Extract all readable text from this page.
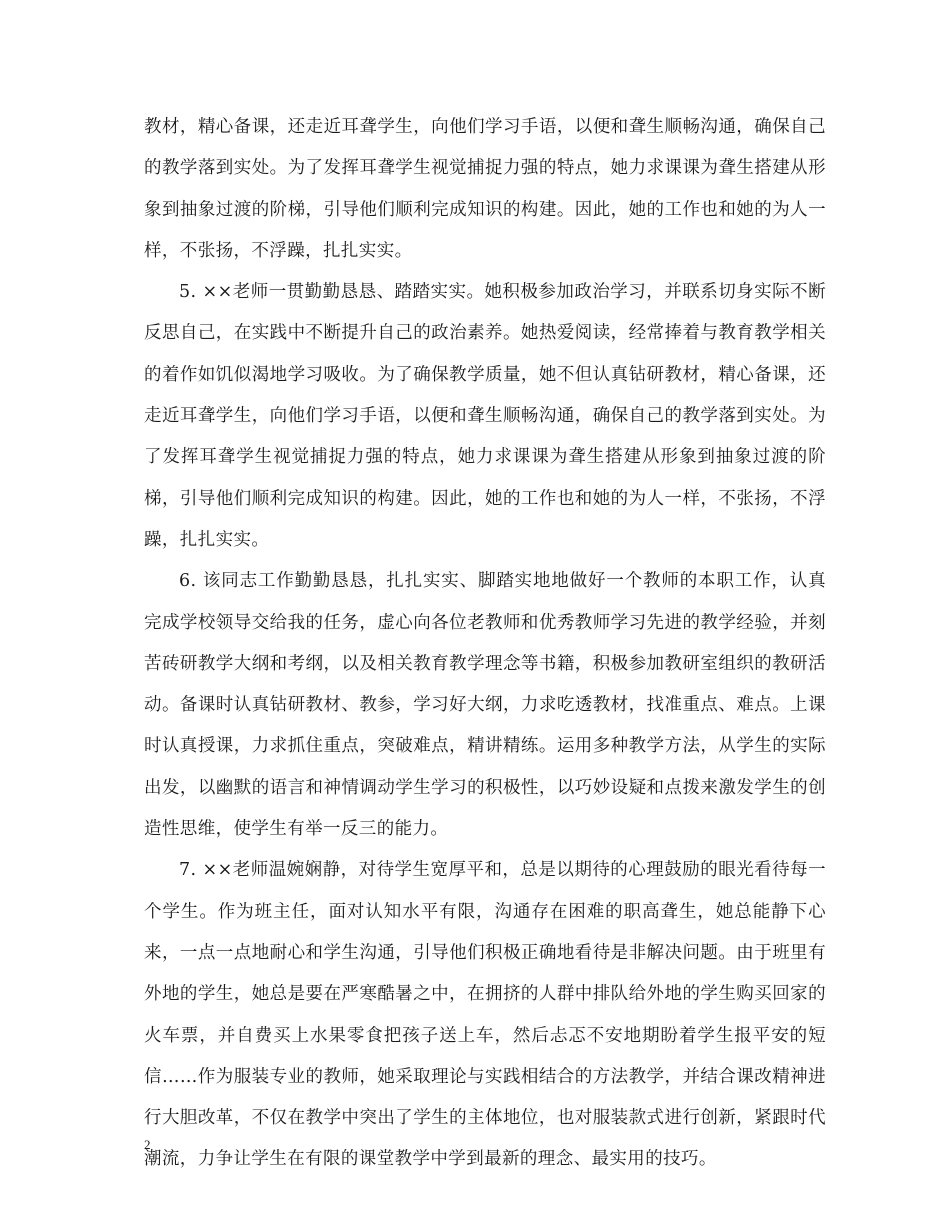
教材，精心备课，还走近耳聋学生，向他们学习手语，以便和聋生顺畅沟通，确保自己的教学落到实处。为了发挥耳聋学生视觉捕捉力强的特点，她力求课课为聋生搭建从形象到抽象过渡的阶梯，引导他们顺利完成知识的构建。因此，她的工作也和她的为人一样，不张扬，不浮躁，扎扎实实。

5. ××老师一贯勤勤恳恳、踏踏实实。她积极参加政治学习，并联系切身实际不断反思自己，在实践中不断提升自己的政治素养。她热爱阅读，经常捧着与教育教学相关的着作如饥似渴地学习吸收。为了确保教学质量，她不但认真钻研教材，精心备课，还走近耳聋学生，向他们学习手语，以便和聋生顺畅沟通，确保自己的教学落到实处。为了发挥耳聋学生视觉捕捉力强的特点，她力求课课为聋生搭建从形象到抽象过渡的阶梯，引导他们顺利完成知识的构建。因此，她的工作也和她的为人一样，不张扬，不浮躁，扎扎实实。

6. 该同志工作勤勤恳恳，扎扎实实、脚踏实地地做好一个教师的本职工作，认真完成学校领导交给我的任务，虚心向各位老教师和优秀教师学习先进的教学经验，并刻苦砖研教学大纲和考纲，以及相关教育教学理念等书籍，积极参加教研室组织的教研活动。备课时认真钻研教材、教参，学习好大纲，力求吃透教材，找准重点、难点。上课时认真授课，力求抓住重点，突破难点，精讲精练。运用多种教学方法，从学生的实际出发，以幽默的语言和神情调动学生学习的积极性，以巧妙设疑和点拨来激发学生的创造性思维，使学生有举一反三的能力。

7. ××老师温婉娴静，对待学生宽厚平和，总是以期待的心理鼓励的眼光看待每一个学生。作为班主任，面对认知水平有限，沟通存在困难的职高聋生，她总能静下心来，一点一点地耐心和学生沟通，引导他们积极正确地看待是非解决问题。由于班里有外地的学生，她总是要在严寒酷暑之中，在拥挤的人群中排队给外地的学生购买回家的火车票，并自费买上水果零食把孩子送上车，然后忐忑不安地期盼着学生报平安的短信……作为服装专业的教师，她采取理论与实践相结合的方法教学，并结合课改精神进行大胆改革，不仅在教学中突出了学生的主体地位，也对服装款式进行创新，紧跟时代潮流，力争让学生在有限的课堂教学中学到最新的理念、最实用的技巧。

2
